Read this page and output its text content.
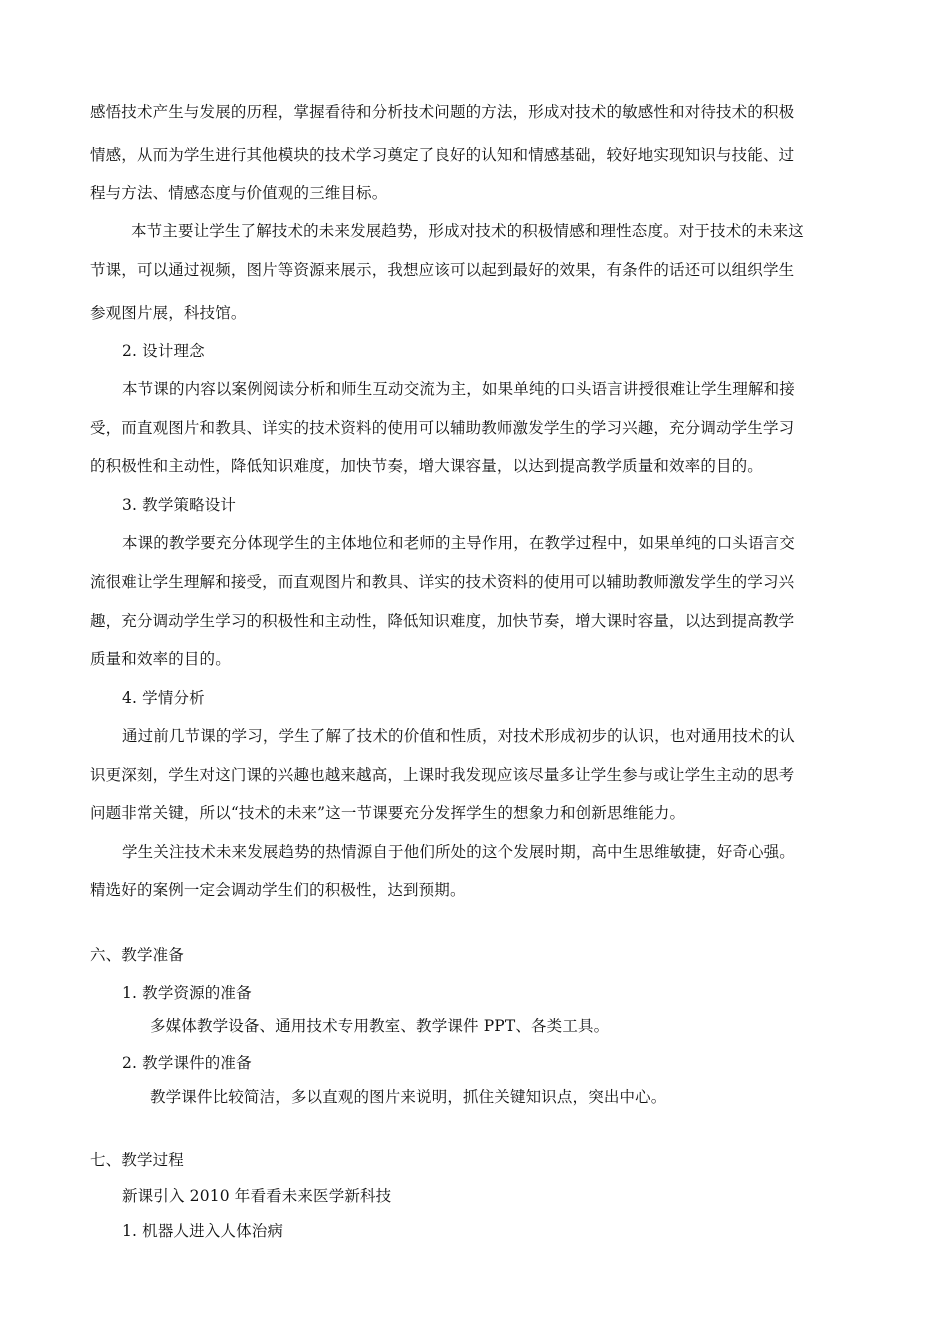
感悟技术产生与发展的历程，掌握看待和分析技术问题的方法，形成对技术的敏感性和对待技术的积极
情感，从而为学生进行其他模块的技术学习奠定了良好的认知和情感基础，较好地实现知识与技能、过
程与方法、情感态度与价值观的三维目标。
本节主要让学生了解技术的未来发展趋势，形成对技术的积极情感和理性态度。对于技术的未来这
节课，可以通过视频，图片等资源来展示，我想应该可以起到最好的效果，有条件的话还可以组织学生
参观图片展，科技馆。
2. 设计理念
本节课的内容以案例阅读分析和师生互动交流为主，如果单纯的口头语言讲授很难让学生理解和接
受，而直观图片和教具、详实的技术资料的使用可以辅助教师激发学生的学习兴趣，充分调动学生学习
的积极性和主动性，降低知识难度，加快节奏，增大课容量，以达到提高教学质量和效率的目的。
3. 教学策略设计
本课的教学要充分体现学生的主体地位和老师的主导作用，在教学过程中，如果单纯的口头语言交
流很难让学生理解和接受，而直观图片和教具、详实的技术资料的使用可以辅助教师激发学生的学习兴
趣，充分调动学生学习的积极性和主动性，降低知识难度，加快节奏，增大课时容量，以达到提高教学
质量和效率的目的。
4. 学情分析
通过前几节课的学习，学生了解了技术的价值和性质，对技术形成初步的认识，也对通用技术的认
识更深刻，学生对这门课的兴趣也越来越高，上课时我发现应该尽量多让学生参与或让学生主动的思考
问题非常关键，所以“技术的未来”这一节课要充分发挥学生的想象力和创新思维能力。
学生关注技术未来发展趋势的热情源自于他们所处的这个发展时期，高中生思维敏捷，好奇心强。
精选好的案例一定会调动学生们的积极性，达到预期。
六、教学准备
1. 教学资源的准备
多媒体教学设备、通用技术专用教室、教学课件 PPT、各类工具。
2. 教学课件的准备
教学课件比较简洁，多以直观的图片来说明，抓住关键知识点，突出中心。
七、教学过程
新课引入 2010 年看看未来医学新科技
1. 机器人进入人体治病
